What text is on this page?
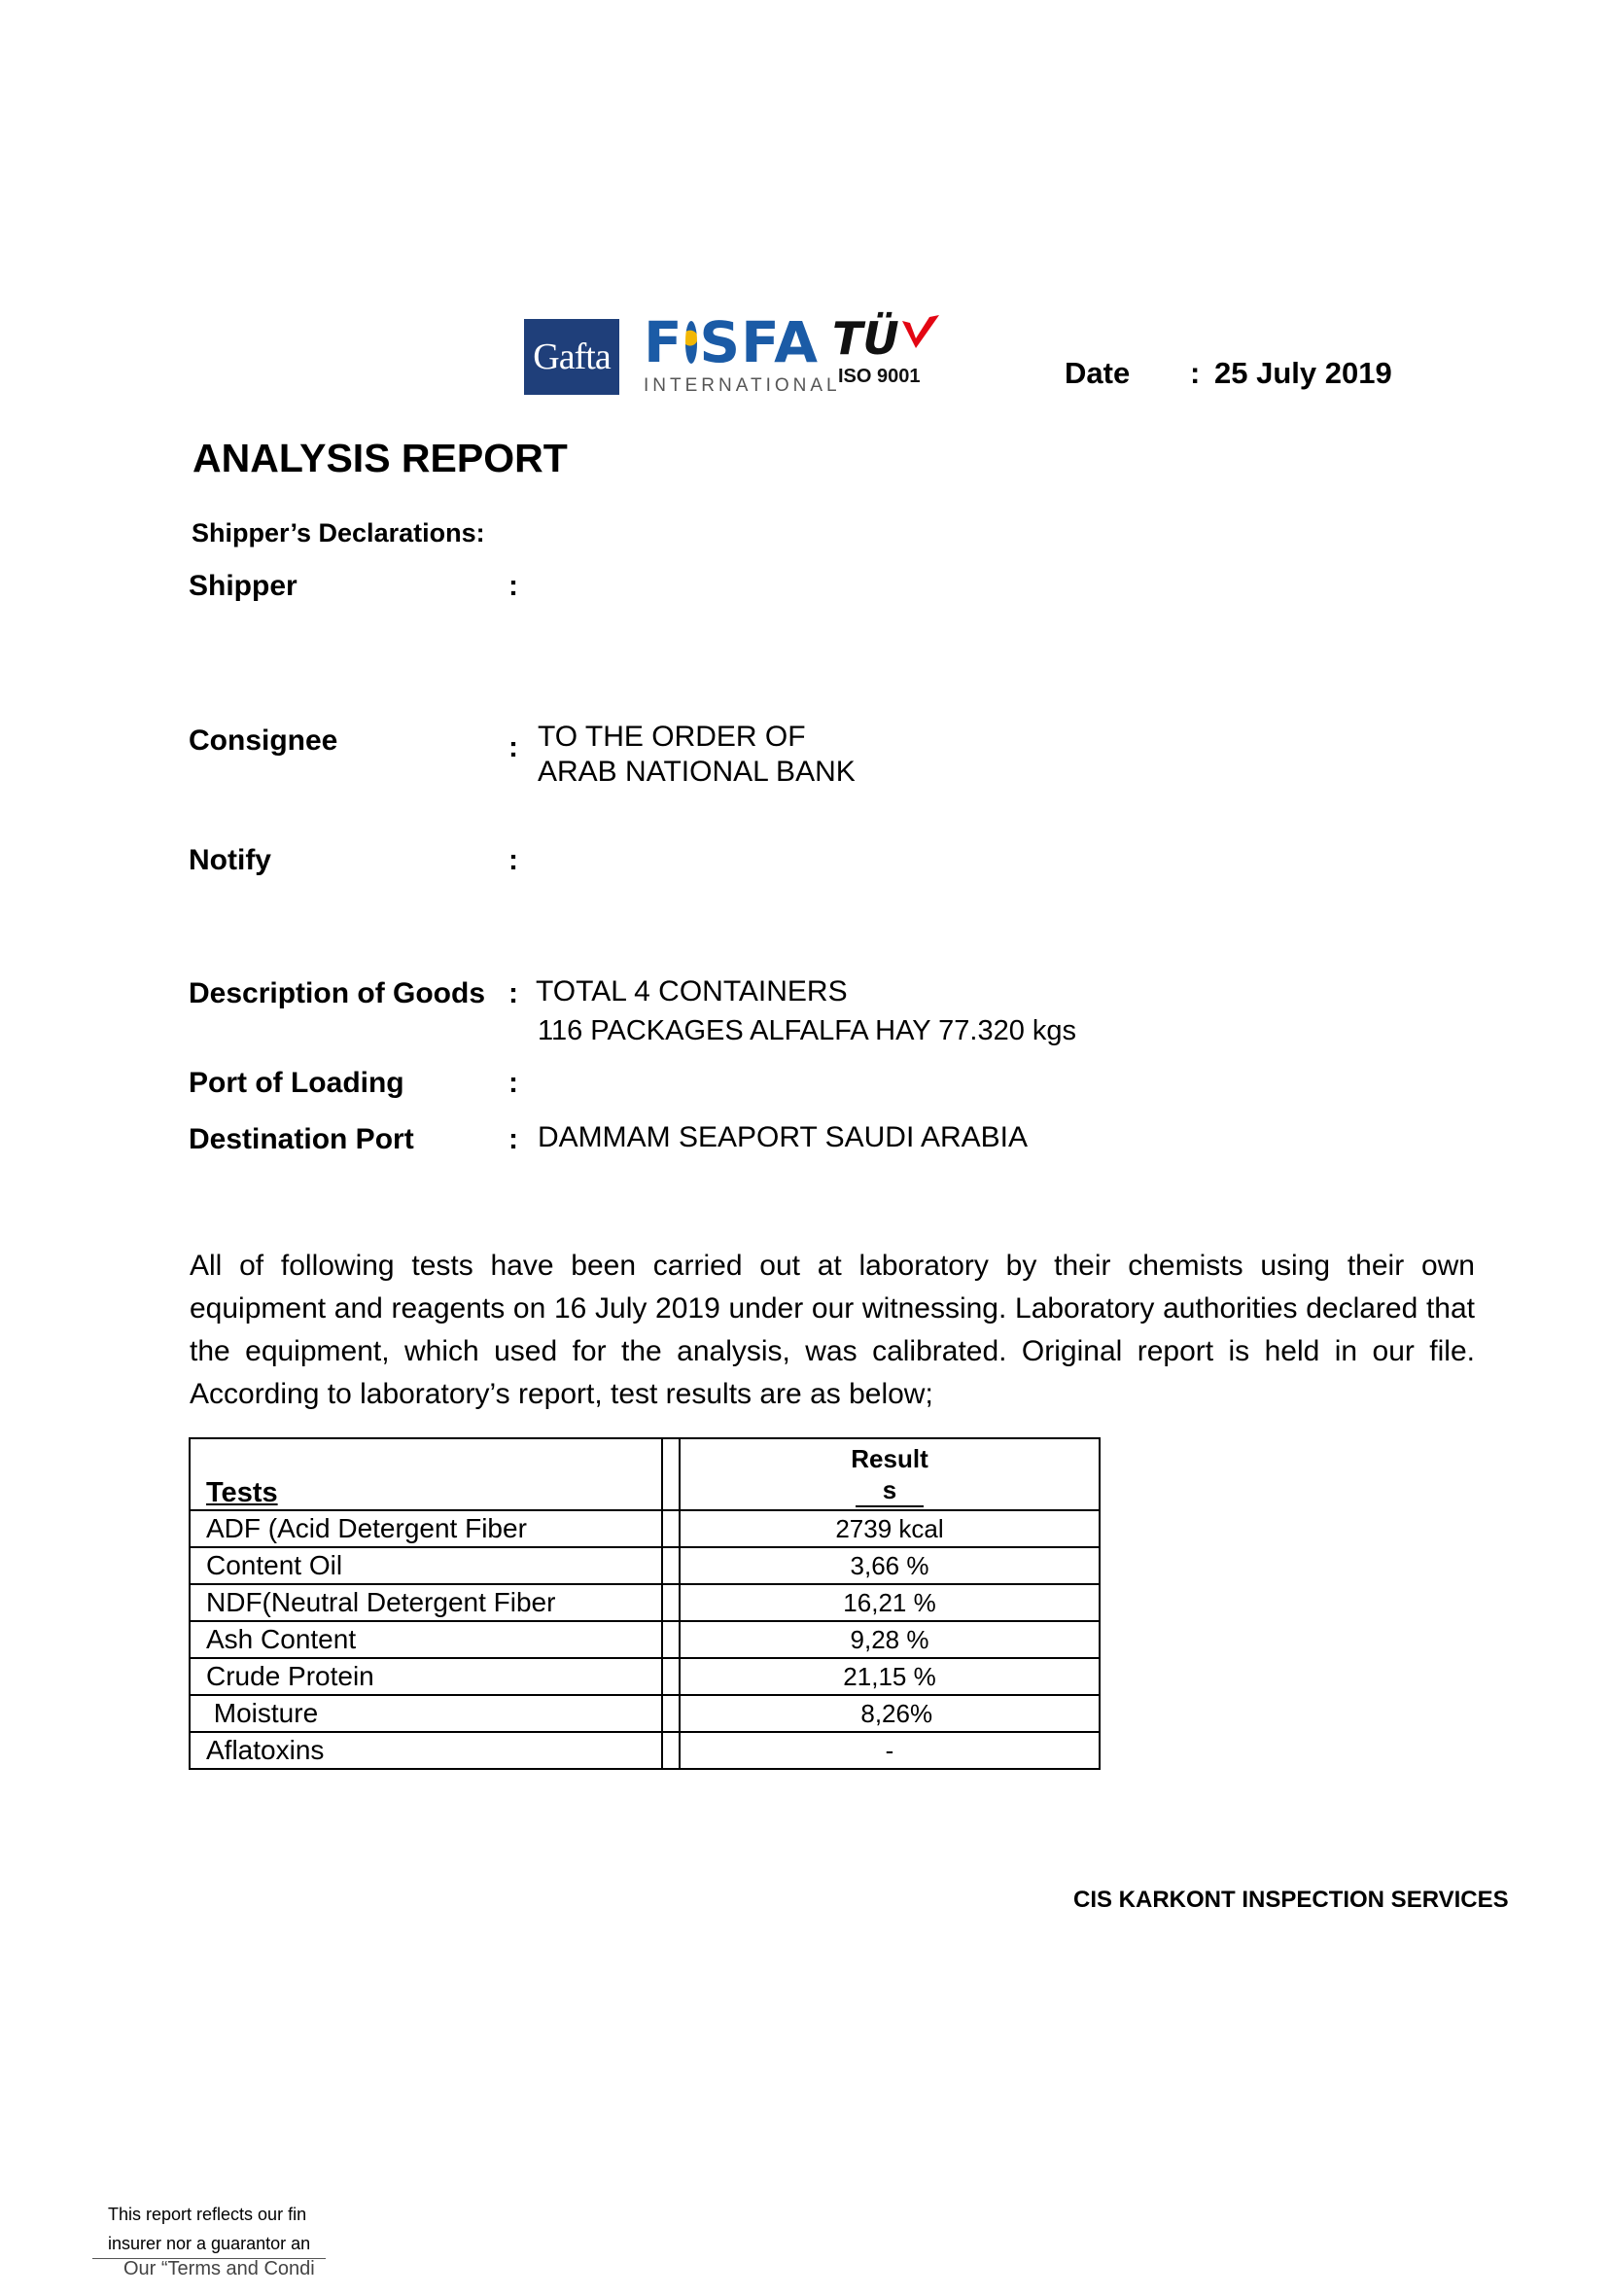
Gafta F SFA
INTERNATIONAL
TÜ
ISO 9001	Date : 25 July 2019
ANALYSIS REPORT
Shipper’s Declarations:
Shipper	:
Consignee	: TO THE ORDER OF
ARAB NATIONAL BANK
Notify	:
Description of Goods : TOTAL 4 CONTAINERS
116 PACKAGES ALFALFA HAY 77.320 kgs
Port of Loading	:
Destination Port	: DAMMAM SEAPORT SAUDI ARABIA
All of following tests have been carried out at laboratory by their chemists using their own equipment and reagents on 16 July 2019 under our witnessing. Laboratory authorities declared that the equipment, which used for the analysis, was calibrated. Original report is held in our file. According to laboratory’s report, test results are as below;
Tests		Result
s

ADF (Acid Detergent Fiber		2739 kcal
Content Oil		3,66 %
NDF(Neutral Detergent Fiber		16,21 %
Ash Content		9,28 %
Crude Protein		21,15 %
Moisture		8,26%
Aflatoxins		-
CIS KARKONT INSPECTION SERVICES
This report reflects our fin
insurer nor a guarantor an
Our “Terms and Condi
